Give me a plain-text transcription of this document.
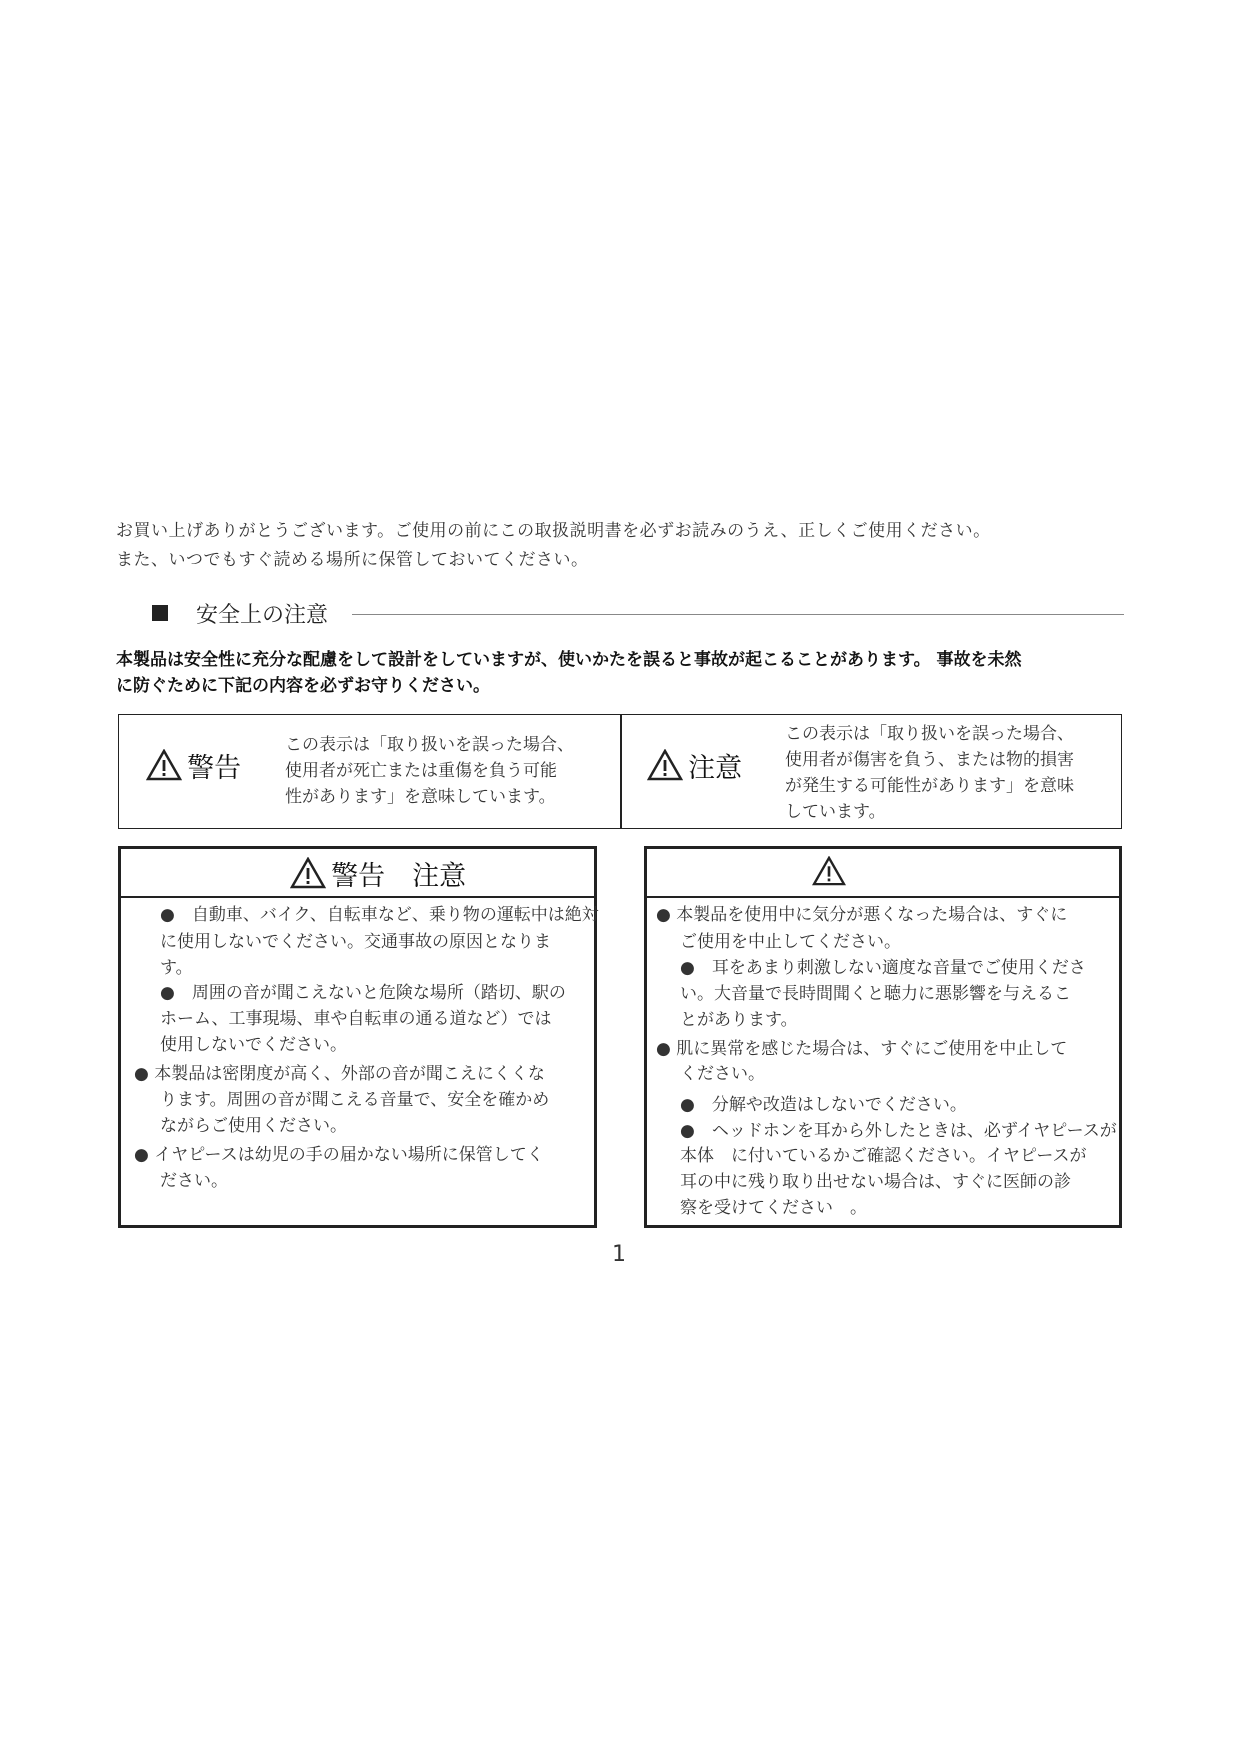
お買い上げありがとうございます。ご使用の前にこの取扱説明書を必ずお読みのうえ、正しくご使用ください。
また、いつでもすぐ読める場所に保管しておいてください。
安全上の注意
本製品は安全性に充分な配慮をして設計をしていますが、使いかたを誤ると事故が起こることがあります。 事故を未然
に防ぐために下記の内容を必ずお守りください。
警告
この表示は「取り扱いを誤った場合、
使用者が死亡または重傷を負う可能
性があります」を意味しています。
注意
この表示は「取り扱いを誤った場合、
使用者が傷害を負う、または物的損害
が発生する可能性があります」を意味
しています。
警告　注意
●　自動車、バイク、自転車など、乗り物の運転中は絶対
に使用しないでください。交通事故の原因となりま
す。
●　周囲の音が聞こえないと危険な場所（踏切、駅の
ホーム、工事現場、車や自転車の通る道など）では
使用しないでください。
● 本製品は密閉度が高く、外部の音が聞こえにくくな
ります。周囲の音が聞こえる音量で、安全を確かめ
ながらご使用ください。
● イヤピースは幼児の手の届かない場所に保管してく
ださい。
● 本製品を使用中に気分が悪くなった場合は、すぐに
ご使用を中止してください。
●　耳をあまり刺激しない適度な音量でご使用くださ
い。大音量で長時間聞くと聴力に悪影響を与えるこ
とがあります。
● 肌に異常を感じた場合は、すぐにご使用を中止して
ください。
●　分解や改造はしないでください。
●　ヘッドホンを耳から外したときは、必ずイヤピースが
本体　に付いているかご確認ください。イヤピースが
耳の中に残り取り出せない場合は、すぐに医師の診
察を受けてください　。
1
